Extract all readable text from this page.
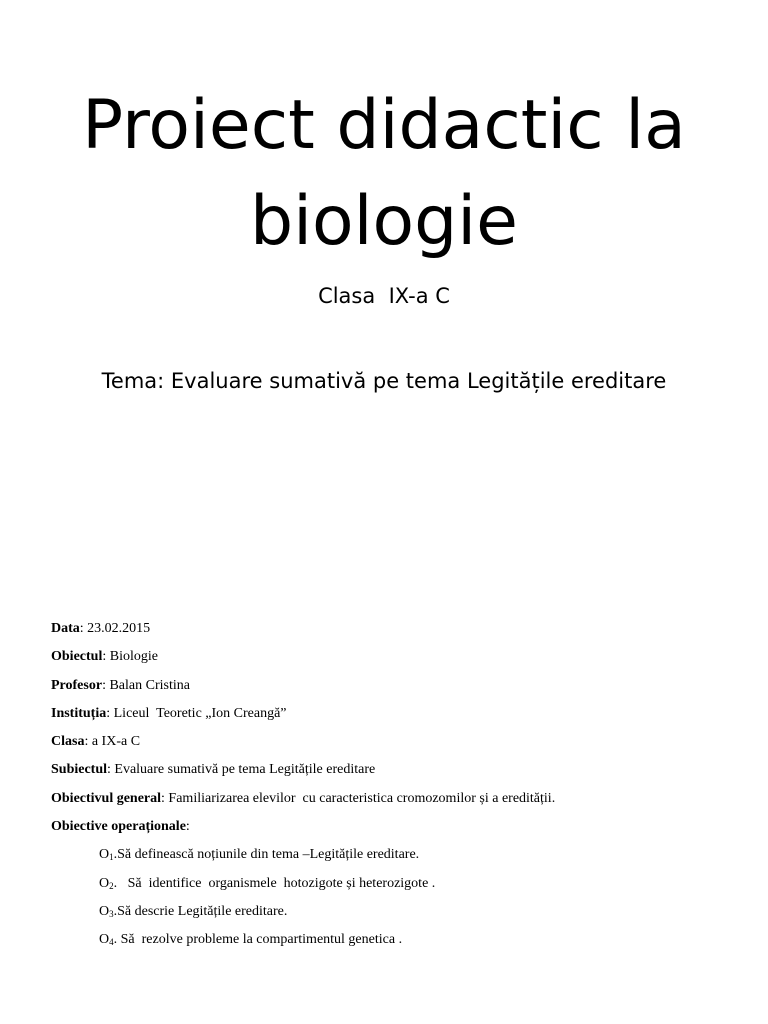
Proiect didactic la biologie
Clasa  IX-a C
Tema: Evaluare sumativă pe tema Legitățile ereditare
Data: 23.02.2015
Obiectul: Biologie
Profesor: Balan Cristina
Instituția: Liceul  Teoretic „Ion Creangă”
Clasa: a IX-a C
Subiectul: Evaluare sumativă pe tema Legitățile ereditare
Obiectivul general: Familiarizarea elevilor  cu caracteristica cromozomilor și a eredității.
Obiective operaționale:
$O_1.Să$ definească noțiunile din tema –Legitățile ereditare.
$O_2$.   Să  identifice  organismele  hotozigote și heterozigote .
$O_3.Să$ descrie Legitățile ereditare.
$O_4$. Să  rezolve probleme la compartimentul genetica .
